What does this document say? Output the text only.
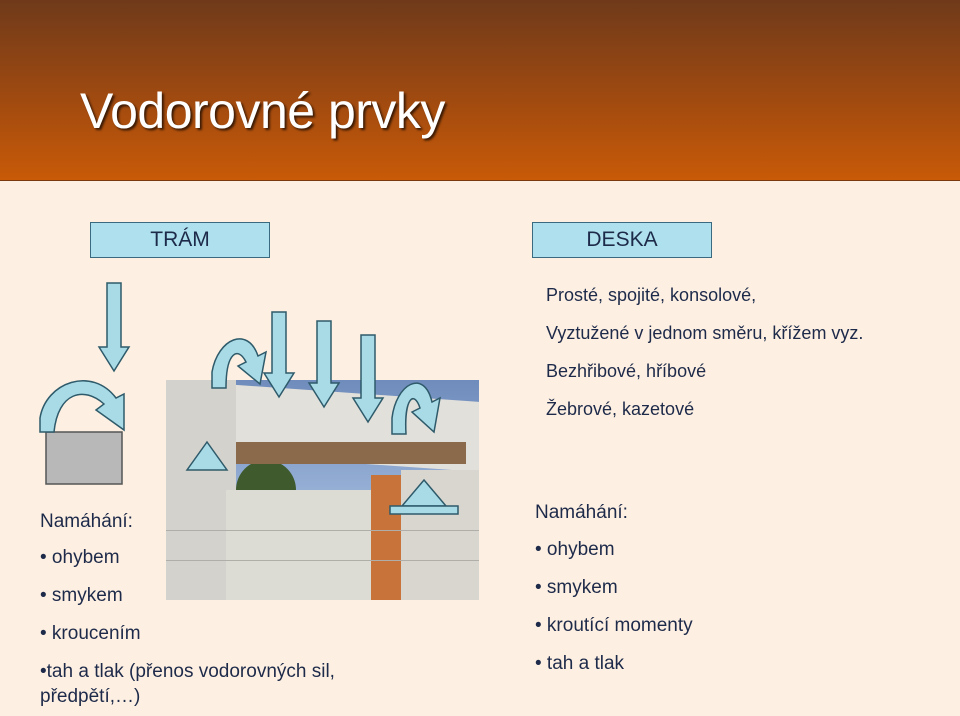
Vodorovné prvky
TRÁM	DESKA
Prosté, spojité, konsolové,
Vyztužené v jednom směru, křížem vyz.
Bezhřibové, hříbové
Žebrové, kazetové
Namáhání:
• ohybem
• smykem
• kroucením
•tah a tlak (přenos vodorovných sil,
předpětí,…)
Namáhání:
• ohybem
• smykem
• kroutící momenty
• tah a tlak
